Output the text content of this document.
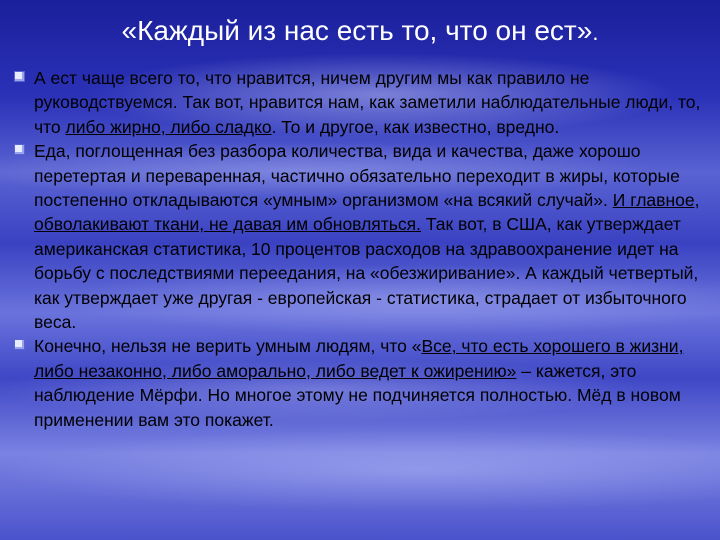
«Каждый из нас есть то, что он ест».

А ест чаще всего то, что нравится, ничем другим мы как правило не руководствуемся. Так вот, нравится нам, как заметили наблюдательные люди, то, что либо жирно, либо сладко. То и другое, как известно, вредно.

Еда, поглощенная без разбора количества, вида и качества, даже хорошо перетертая и переваренная, частично обязательно переходит в жиры, которые постепенно откладываются «умным» организмом «на всякий случай». И главное, обволакивают ткани, не давая им обновляться. Так вот, в США, как утверждает американская статистика, 10 процентов расходов на здравоохранение идет на борьбу с последствиями переедания, на «обезжиривание». А каждый четвертый, как утверждает уже другая - европейская - статистика, страдает от избыточного веса.

Конечно, нельзя не верить умным людям, что «Все, что есть хорошего в жизни, либо незаконно, либо аморально, либо ведет к ожирению» – кажется, это наблюдение Мёрфи. Но многое этому не подчиняется полностью. Мёд в новом применении вам это покажет.
